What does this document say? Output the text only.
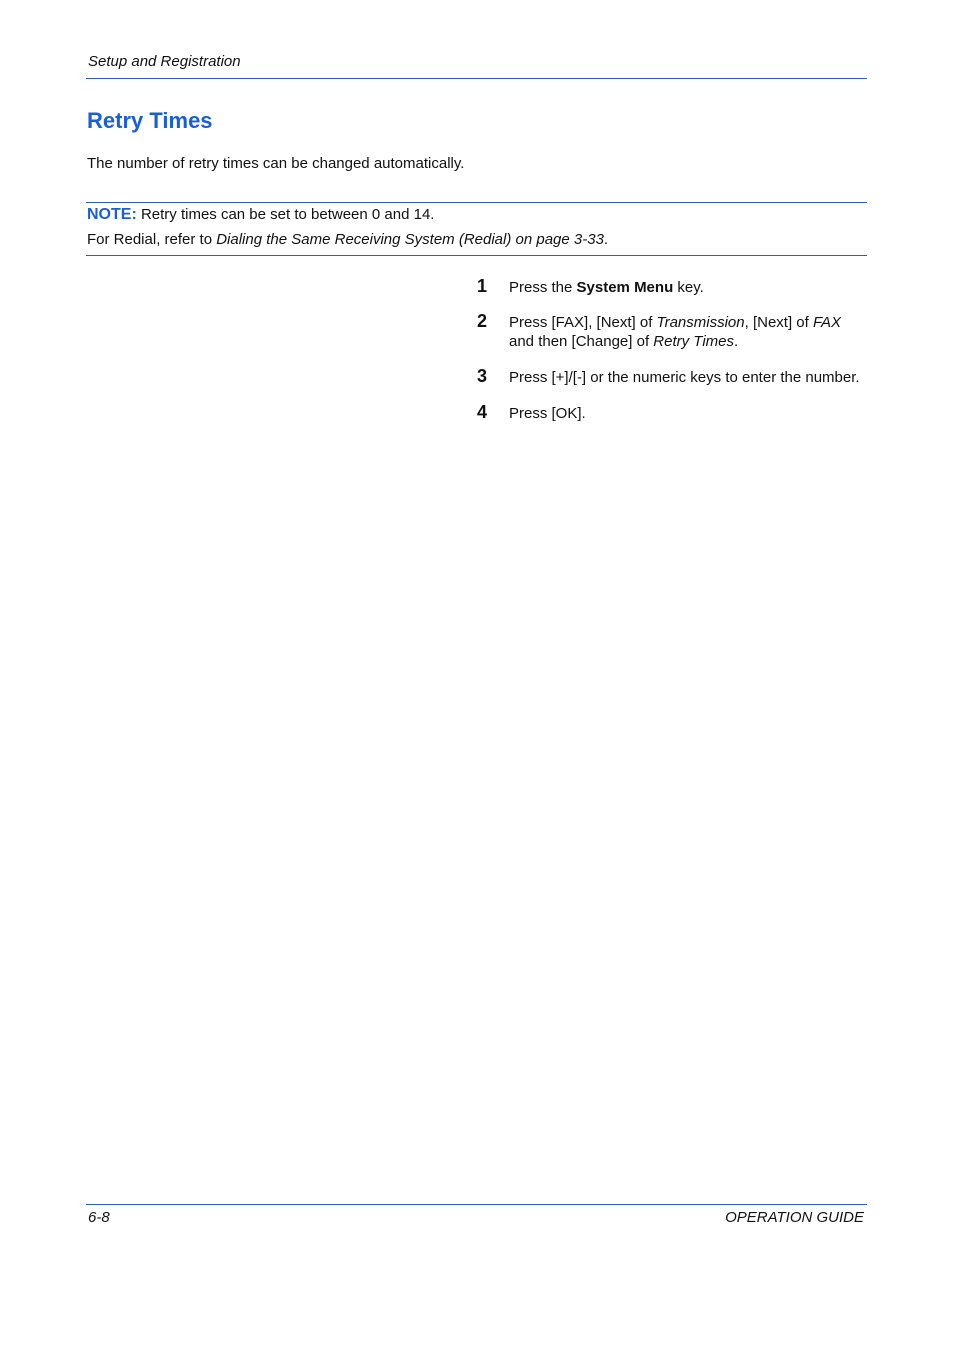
Setup and Registration
Retry Times
The number of retry times can be changed automatically.
NOTE: Retry times can be set to between 0 and 14.
For Redial, refer to Dialing the Same Receiving System (Redial) on page 3-33.
1 Press the System Menu key.
2 Press [FAX], [Next] of Transmission, [Next] of FAX and then [Change] of Retry Times.
3 Press [+]/[-] or the numeric keys to enter the number.
4 Press [OK].
6-8	OPERATION GUIDE
